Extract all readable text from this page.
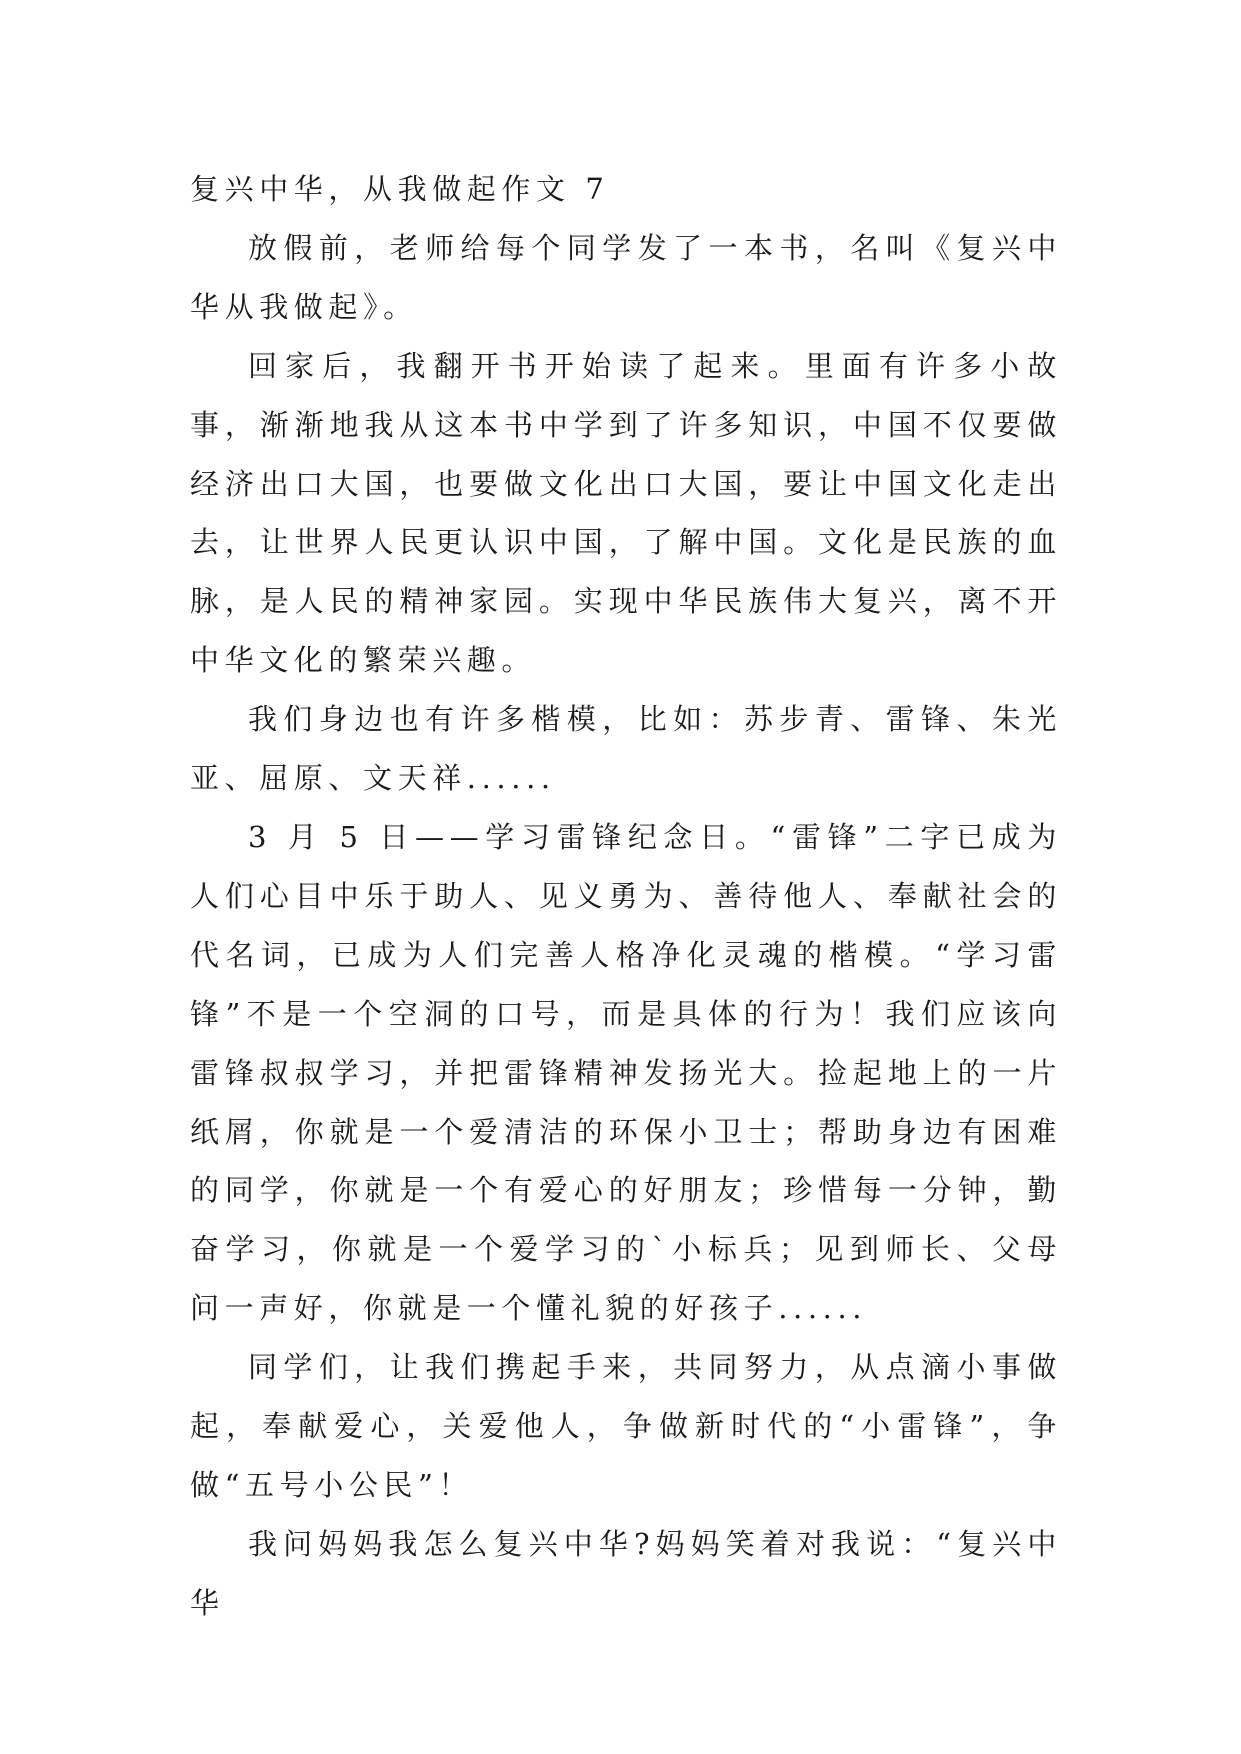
复兴中华，从我做起作文 7

放假前，老师给每个同学发了一本书，名叫《复兴中华从我做起》。

回家后，我翻开书开始读了起来。里面有许多小故事，渐渐地我从这本书中学到了许多知识，中国不仅要做经济出口大国，也要做文化出口大国，要让中国文化走出去，让世界人民更认识中国，了解中国。文化是民族的血脉，是人民的精神家园。实现中华民族伟大复兴，离不开中华文化的繁荣兴趣。

我们身边也有许多楷模，比如：苏步青、雷锋、朱光亚、屈原、文天祥......

3 月 5 日——学习雷锋纪念日。“雷锋”二字已成为人们心目中乐于助人、见义勇为、善待他人、奉献社会的代名词，已成为人们完善人格净化灵魂的楷模。“学习雷锋”不是一个空洞的口号，而是具体的行为！我们应该向雷锋叔叔学习，并把雷锋精神发扬光大。捡起地上的一片纸屑，你就是一个爱清洁的环保小卫士；帮助身边有困难的同学，你就是一个有爱心的好朋友；珍惜每一分钟，勤奋学习，你就是一个爱学习的`小标兵；见到师长、父母问一声好，你就是一个懂礼貌的好孩子......

同学们，让我们携起手来，共同努力，从点滴小事做起，奉献爱心，关爱他人，争做新时代的“小雷锋”，争做“五号小公民”！

我问妈妈我怎么复兴中华?妈妈笑着对我说：“复兴中华
